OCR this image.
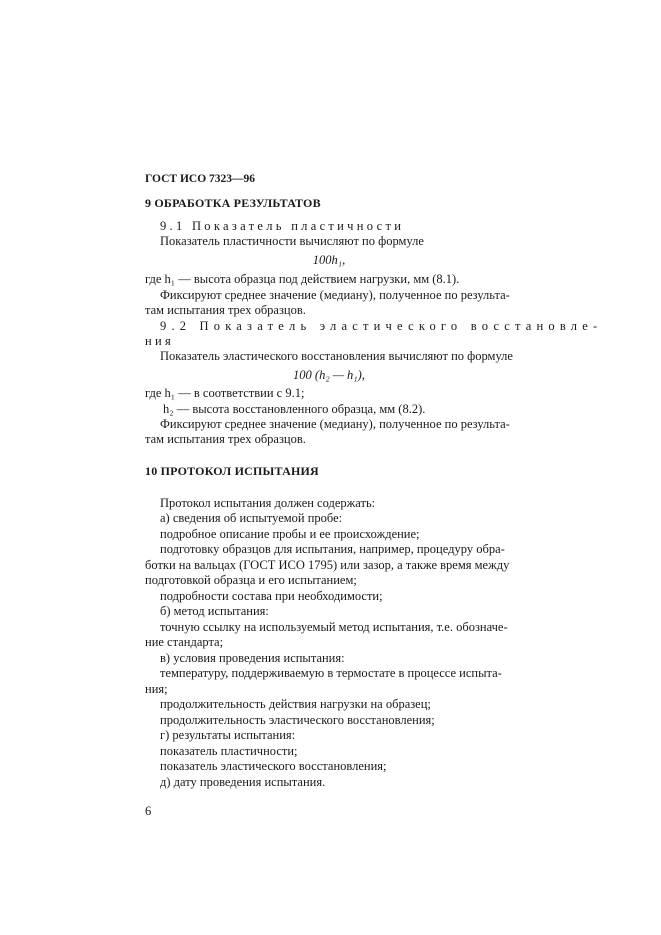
ГОСТ ИСО 7323—96
9 ОБРАБОТКА РЕЗУЛЬТАТОВ
9.1 Показатель пластичности
Показатель пластичности вычисляют по формуле
100h₁,
где h₁ — высота образца под действием нагрузки, мм (8.1).
Фиксируют среднее значение (медиану), полученное по результа-
там испытания трех образцов.
9.2 Показатель эластического восстановле-
ния
Показатель эластического восстановления вычисляют по формуле
100 (h₂ — h₁),
где h₁ — в соответствии с 9.1;
h₂ — высота восстановленного образца, мм (8.2).
Фиксируют среднее значение (медиану), полученное по результа-
там испытания трех образцов.
10 ПРОТОКОЛ ИСПЫТАНИЯ
Протокол испытания должен содержать:
а) сведения об испытуемой пробе:
подробное описание пробы и ее происхождение;
подготовку образцов для испытания, например, процедуру обра-
ботки на вальцах (ГОСТ ИСО 1795) или зазор, а также время между
подготовкой образца и его испытанием;
подробности состава при необходимости;
б) метод испытания:
точную ссылку на используемый метод испытания, т.е. обозначе-
ние стандарта;
в) условия проведения испытания:
температуру, поддерживаемую в термостате в процессе испыта-
ния;
продолжительность действия нагрузки на образец;
продолжительность эластического восстановления;
г) результаты испытания:
показатель пластичности;
показатель эластического восстановления;
д) дату проведения испытания.
6
